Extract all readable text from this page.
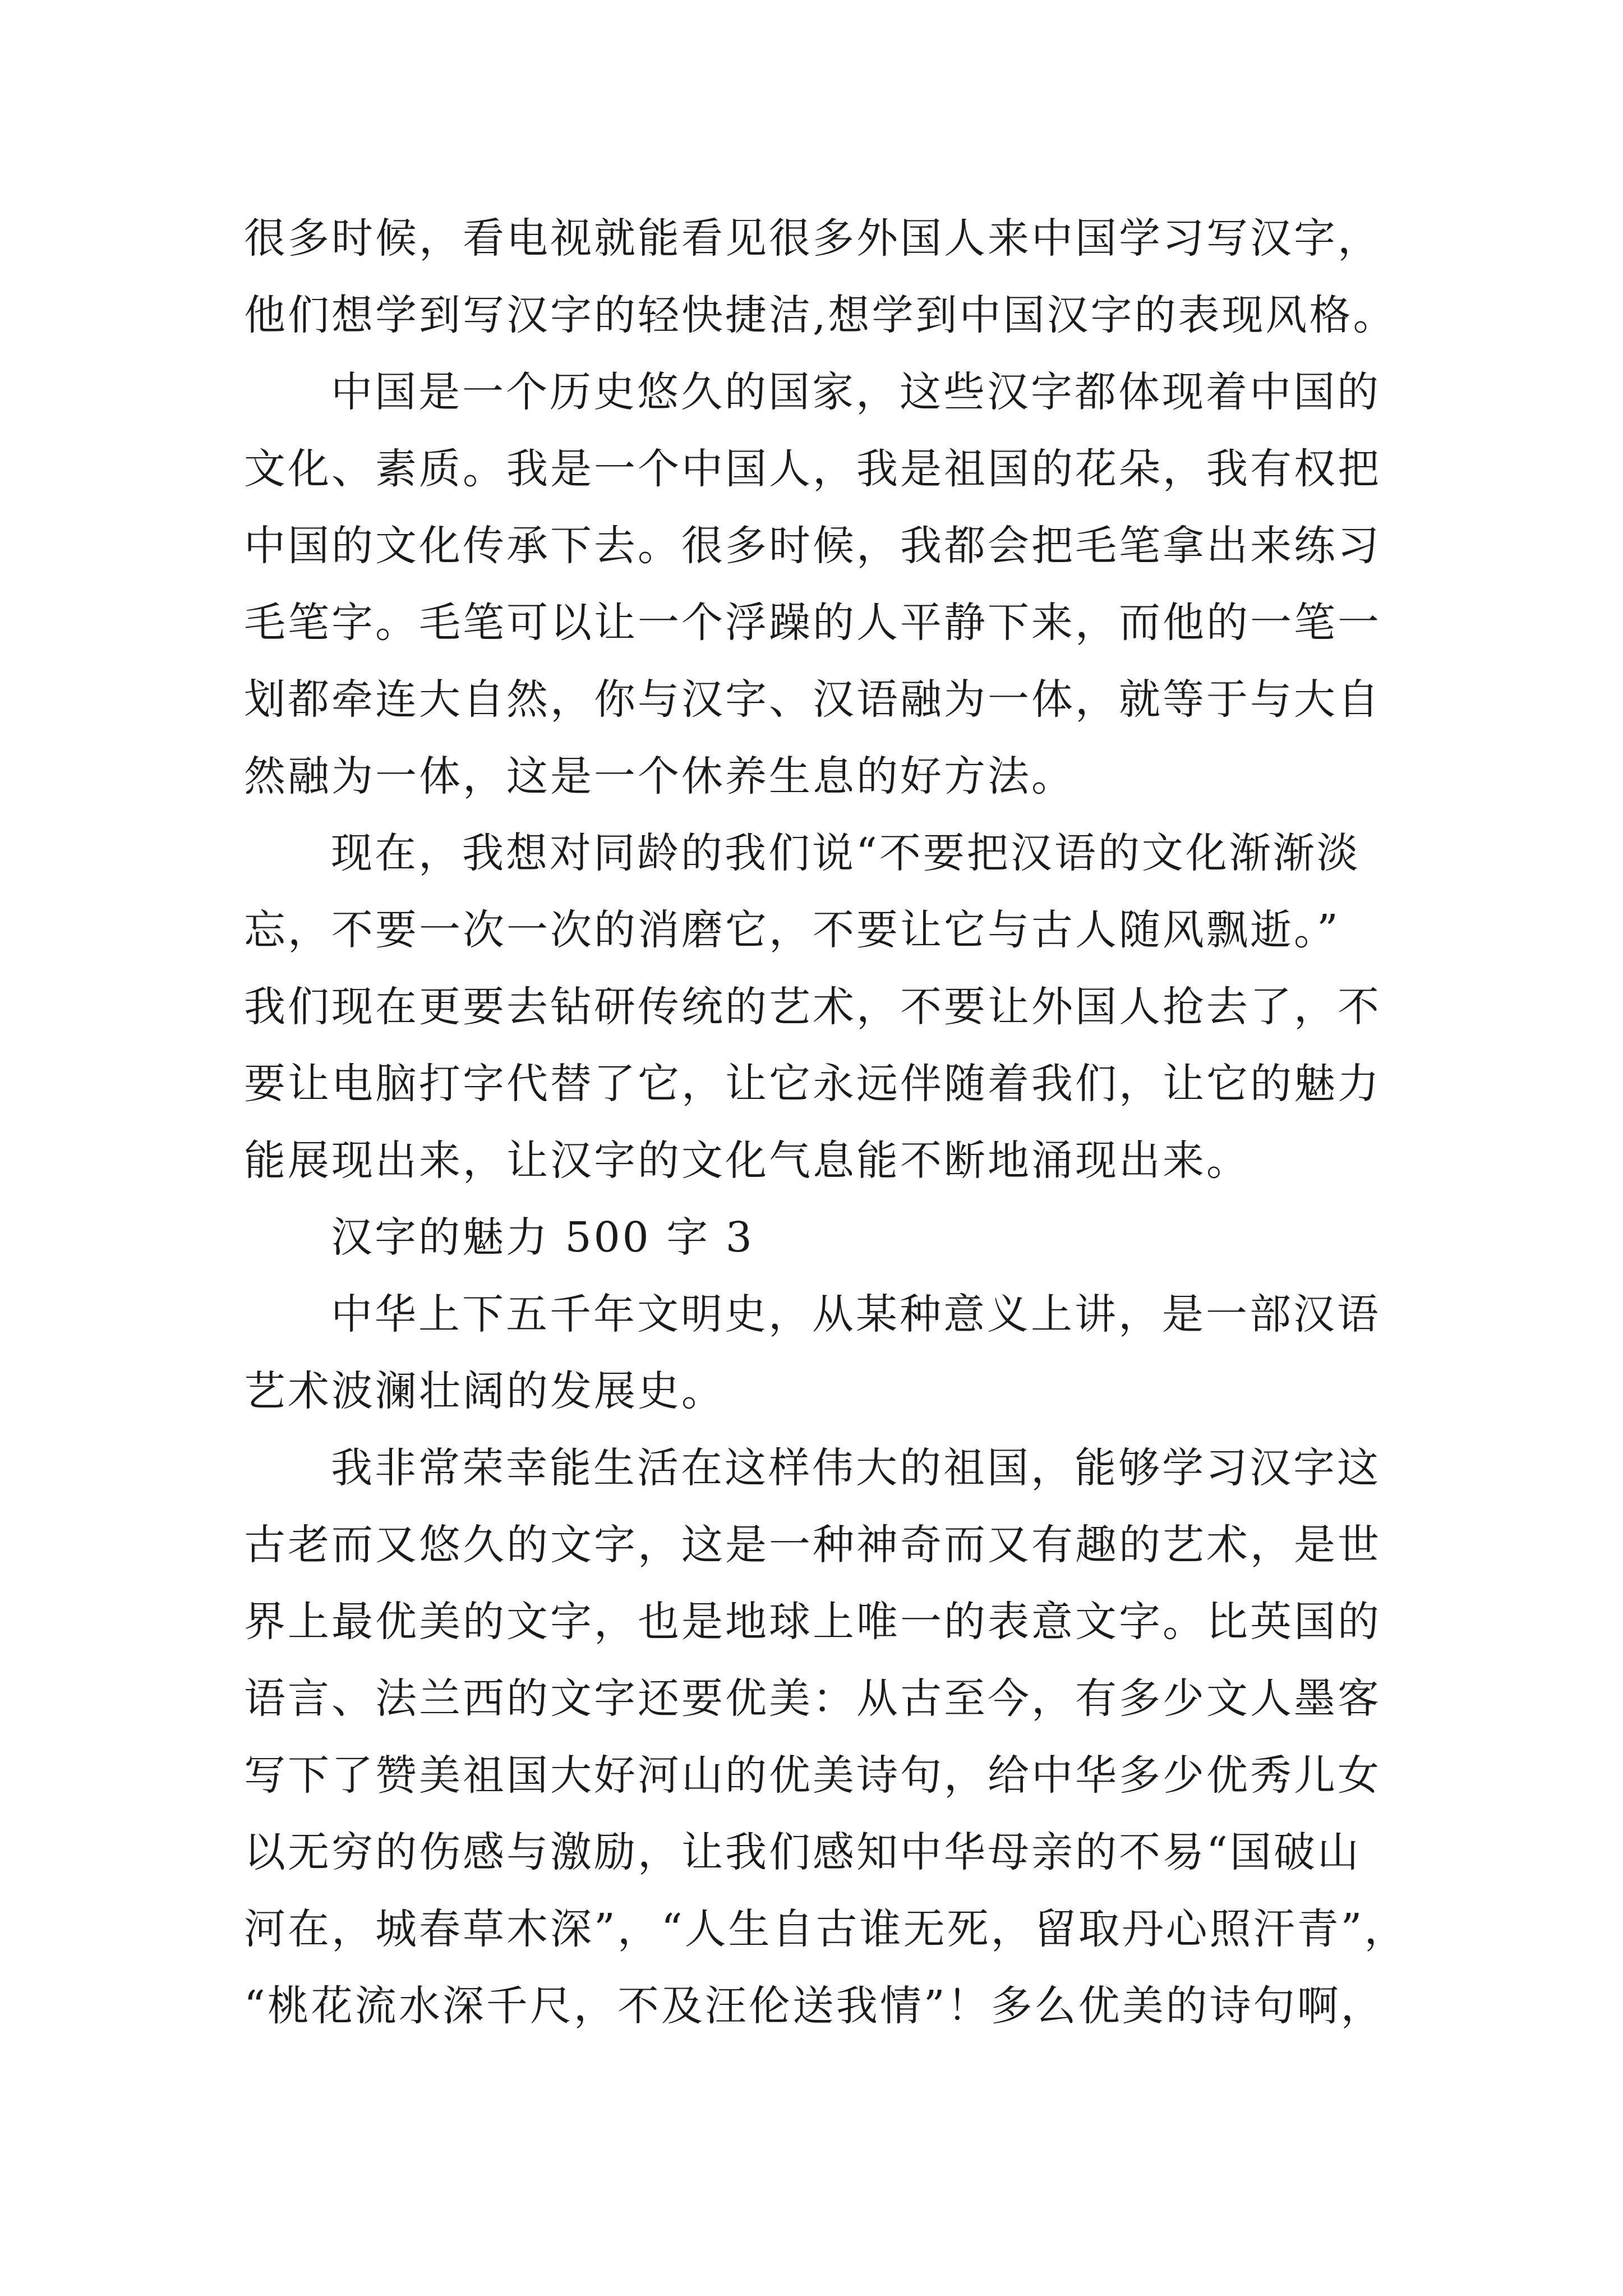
很多时候，看电视就能看见很多外国人来中国学习写汉字，
他们想学到写汉字的轻快捷洁,想学到中国汉字的表现风格。
中国是一个历史悠久的国家，这些汉字都体现着中国的
文化、素质。我是一个中国人，我是祖国的花朵，我有权把
中国的文化传承下去。很多时候，我都会把毛笔拿出来练习
毛笔字。毛笔可以让一个浮躁的人平静下来，而他的一笔一
划都牵连大自然，你与汉字、汉语融为一体，就等于与大自
然融为一体，这是一个休养生息的好方法。
现在，我想对同龄的我们说“不要把汉语的文化渐渐淡
忘，不要一次一次的消磨它，不要让它与古人随风飘逝。”
我们现在更要去钻研传统的艺术，不要让外国人抢去了，不
要让电脑打字代替了它，让它永远伴随着我们，让它的魅力
能展现出来，让汉字的文化气息能不断地涌现出来。
汉字的魅力 500 字 3
中华上下五千年文明史，从某种意义上讲，是一部汉语
艺术波澜壮阔的发展史。
我非常荣幸能生活在这样伟大的祖国，能够学习汉字这
古老而又悠久的文字，这是一种神奇而又有趣的艺术，是世
界上最优美的文字，也是地球上唯一的表意文字。比英国的
语言、法兰西的文字还要优美：从古至今，有多少文人墨客
写下了赞美祖国大好河山的优美诗句，给中华多少优秀儿女
以无穷的伤感与激励，让我们感知中华母亲的不易“国破山
河在，城春草木深”，“人生自古谁无死，留取丹心照汗青”，
“桃花流水深千尺，不及汪伦送我情”！多么优美的诗句啊，
